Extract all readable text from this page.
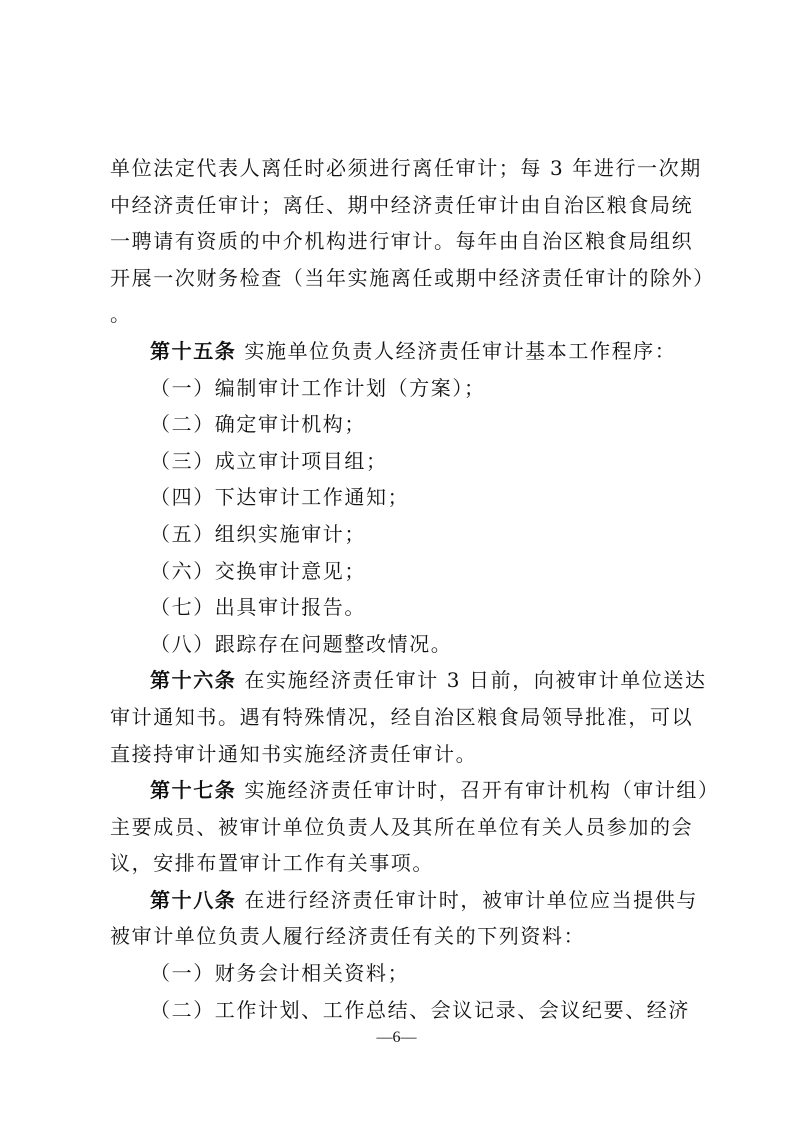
单位法定代表人离任时必须进行离任审计；每 3 年进行一次期
中经济责任审计；离任、期中经济责任审计由自治区粮食局统
一聘请有资质的中介机构进行审计。每年由自治区粮食局组织
开展一次财务检查（当年实施离任或期中经济责任审计的除外）
。
第十五条 实施单位负责人经济责任审计基本工作程序：
（一）编制审计工作计划（方案）；
（二）确定审计机构；
（三）成立审计项目组；
（四）下达审计工作通知；
（五）组织实施审计；
（六）交换审计意见；
（七）出具审计报告。
（八）跟踪存在问题整改情况。
第十六条 在实施经济责任审计 3 日前，向被审计单位送达
审计通知书。遇有特殊情况，经自治区粮食局领导批准，可以
直接持审计通知书实施经济责任审计。
第十七条 实施经济责任审计时，召开有审计机构（审计组）
主要成员、被审计单位负责人及其所在单位有关人员参加的会
议，安排布置审计工作有关事项。
第十八条 在进行经济责任审计时，被审计单位应当提供与
被审计单位负责人履行经济责任有关的下列资料：
（一）财务会计相关资料；
（二）工作计划、工作总结、会议记录、会议纪要、经济
—6—
